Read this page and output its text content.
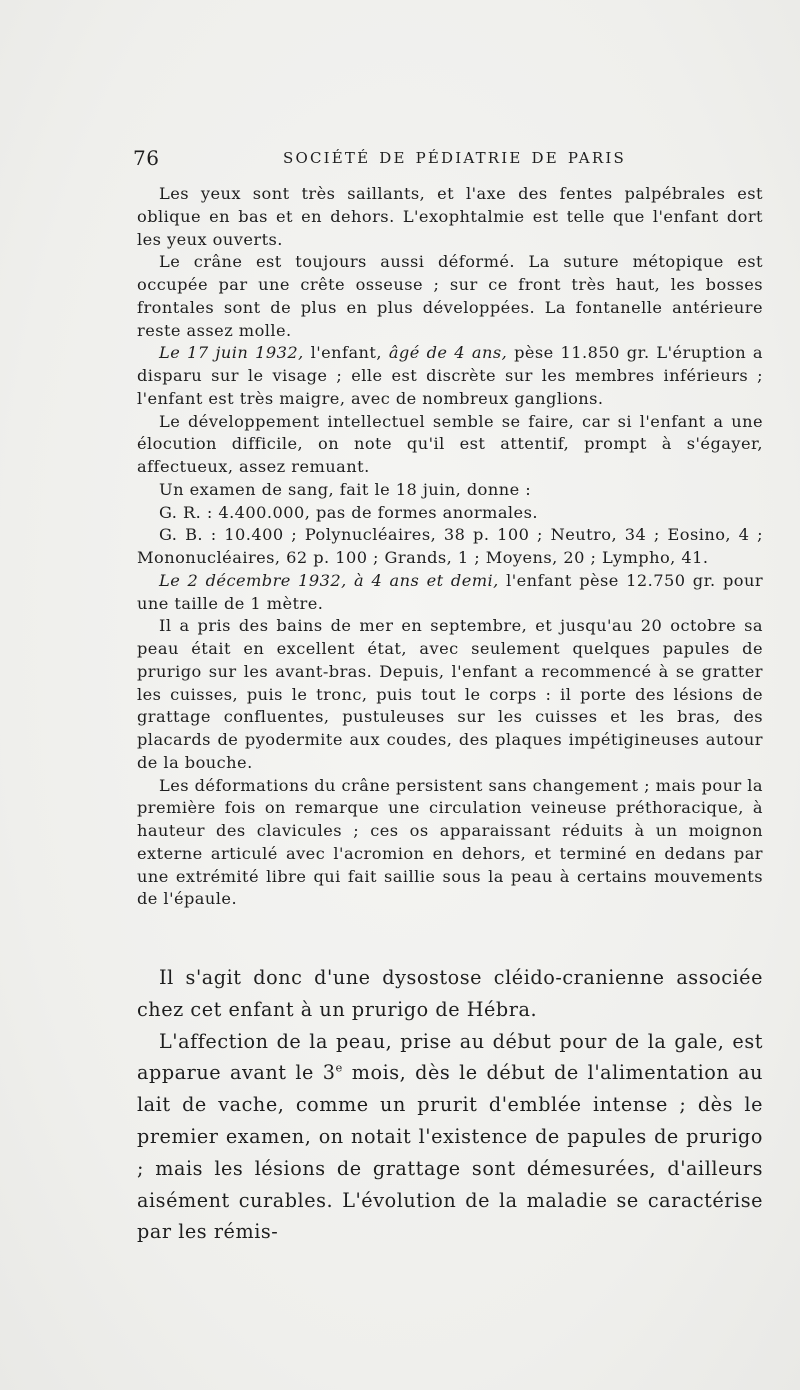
76	SOCIÉTÉ DE PÉDIATRIE DE PARIS

Les yeux sont très saillants, et l'axe des fentes palpébrales est oblique en bas et en dehors. L'exophtalmie est telle que l'enfant dort les yeux ouverts.

Le crâne est toujours aussi déformé. La suture métopique est occupée par une crête osseuse ; sur ce front très haut, les bosses frontales sont de plus en plus développées. La fontanelle antérieure reste assez molle.

Le 17 juin 1932, l'enfant, âgé de 4 ans, pèse 11.850 gr. L'éruption a disparu sur le visage ; elle est discrète sur les membres inférieurs ; l'enfant est très maigre, avec de nombreux ganglions.

Le développement intellectuel semble se faire, car si l'enfant a une élocution difficile, on note qu'il est attentif, prompt à s'égayer, affectueux, assez remuant.

Un examen de sang, fait le 18 juin, donne :

G. R. : 4.400.000, pas de formes anormales.

G. B. : 10.400 ; Polynucléaires, 38 p. 100 ; Neutro, 34 ; Eosino, 4 ; Mononucléaires, 62 p. 100 ; Grands, 1 ; Moyens, 20 ; Lympho, 41.

Le 2 décembre 1932, à 4 ans et demi, l'enfant pèse 12.750 gr. pour une taille de 1 mètre.

Il a pris des bains de mer en septembre, et jusqu'au 20 octobre sa peau était en excellent état, avec seulement quelques papules de prurigo sur les avant-bras. Depuis, l'enfant a recommencé à se gratter les cuisses, puis le tronc, puis tout le corps : il porte des lésions de grattage confluentes, pustuleuses sur les cuisses et les bras, des placards de pyodermite aux coudes, des plaques impétigineuses autour de la bouche.

Les déformations du crâne persistent sans changement ; mais pour la première fois on remarque une circulation veineuse préthoracique, à hauteur des clavicules ; ces os apparaissant réduits à un moignon externe articulé avec l'acromion en dehors, et terminé en dedans par une extrémité libre qui fait saillie sous la peau à certains mouvements de l'épaule.

Il s'agit donc d'une dysostose cléido-cranienne associée chez cet enfant à un prurigo de Hébra.

L'affection de la peau, prise au début pour de la gale, est apparue avant le 3e mois, dès le début de l'alimentation au lait de vache, comme un prurit d'emblée intense ; dès le premier examen, on notait l'existence de papules de prurigo ; mais les lésions de grattage sont démesurées, d'ailleurs aisément curables. L'évolution de la maladie se caractérise par les rémis-
